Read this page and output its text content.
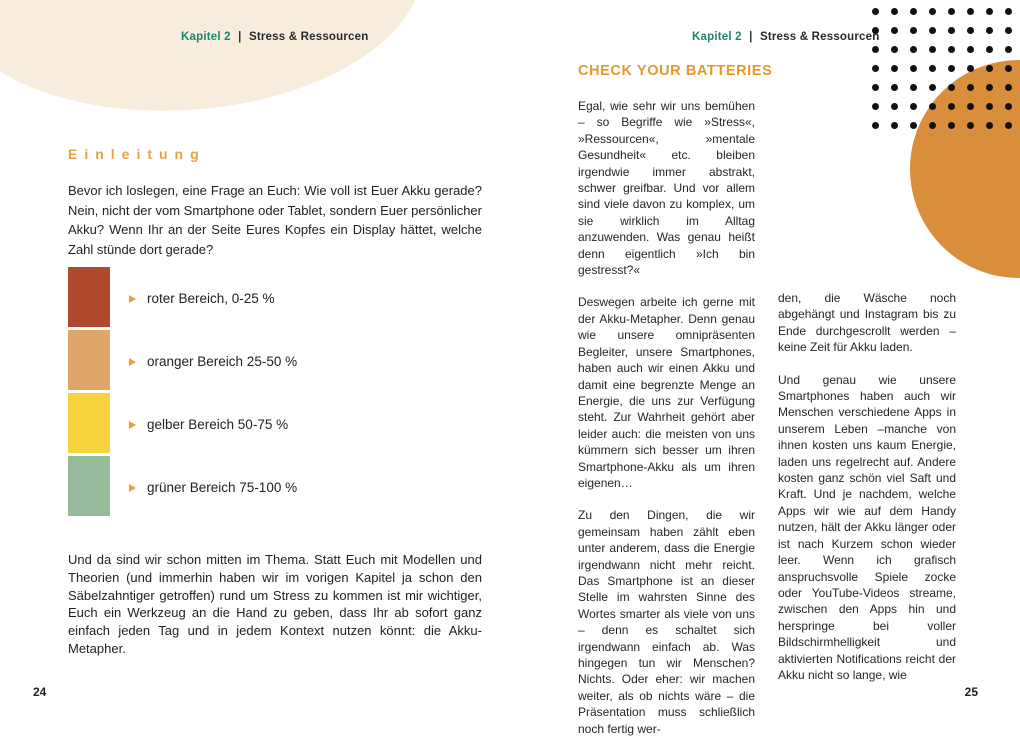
Kapitel 2 | Stress & Ressourcen
Einleitung

Bevor ich loslegen, eine Frage an Euch: Wie voll ist Euer Akku gerade? Nein, nicht der vom Smartphone oder Tablet, sondern Euer persönlicher Akku? Wenn Ihr an der Seite Eures Kopfes ein Display hättet, welche Zahl stünde dort gerade?

roter Bereich, 0-25 %
oranger Bereich 25-50 %
gelber Bereich 50-75 %
grüner Bereich 75-100 %

Und da sind wir schon mitten im Thema. Statt Euch mit Modellen und Theorien (und immerhin haben wir im vorigen Kapitel ja schon den Säbelzahntiger getroffen) rund um Stress zu kommen ist mir wichtiger, Euch ein Werkzeug an die Hand zu geben, dass Ihr ab sofort ganz einfach jeden Tag und in jedem Kontext nutzen könnt: die Akku-Metapher.

24
Kapitel 2 | Stress & Ressourcen
CHECK YOUR BATTERIES

Egal, wie sehr wir uns bemühen – so Begriffe wie »Stress«, »Ressourcen«, »mentale Gesundheit« etc. bleiben irgendwie immer abstrakt, schwer greifbar. Und vor allem sind viele davon zu komplex, um sie wirklich im Alltag anzuwenden. Was genau heißt denn eigentlich »Ich bin gestresst?«

Deswegen arbeite ich gerne mit der Akku-Metapher. Denn genau wie unsere omnipräsenten Begleiter, unsere Smartphones, haben auch wir einen Akku und damit eine begrenzte Menge an Energie, die uns zur Verfügung steht. Zur Wahrheit gehört aber leider auch: die meisten von uns kümmern sich besser um ihren Smartphone-Akku als um ihren eigenen…

Zu den Dingen, die wir gemeinsam haben zählt eben unter anderem, dass die Energie irgendwann nicht mehr reicht. Das Smartphone ist an dieser Stelle im wahrsten Sinne des Wortes smarter als viele von uns – denn es schaltet sich irgendwann einfach ab. Was hingegen tun wir Menschen? Nichts. Oder eher: wir machen weiter, als ob nichts wäre – die Präsentation muss schließlich noch fertig wer-

den, die Wäsche noch abgehängt und Instagram bis zu Ende durchgescrollt werden – keine Zeit für Akku laden.

Und genau wie unsere Smartphones haben auch wir Menschen verschiedene Apps in unserem Leben –manche von ihnen kosten uns kaum Energie, laden uns regelrecht auf. Andere kosten ganz schön viel Saft und Kraft. Und je nachdem, welche Apps wir wie auf dem Handy nutzen, hält der Akku länger oder ist nach Kurzem schon wieder leer. Wenn ich grafisch anspruchsvolle Spiele zocke oder YouTube-Videos streame, zwischen den Apps hin und herspringe bei voller Bildschirmhelligkeit und aktivierten Notifications reicht der Akku nicht so lange, wie

25
